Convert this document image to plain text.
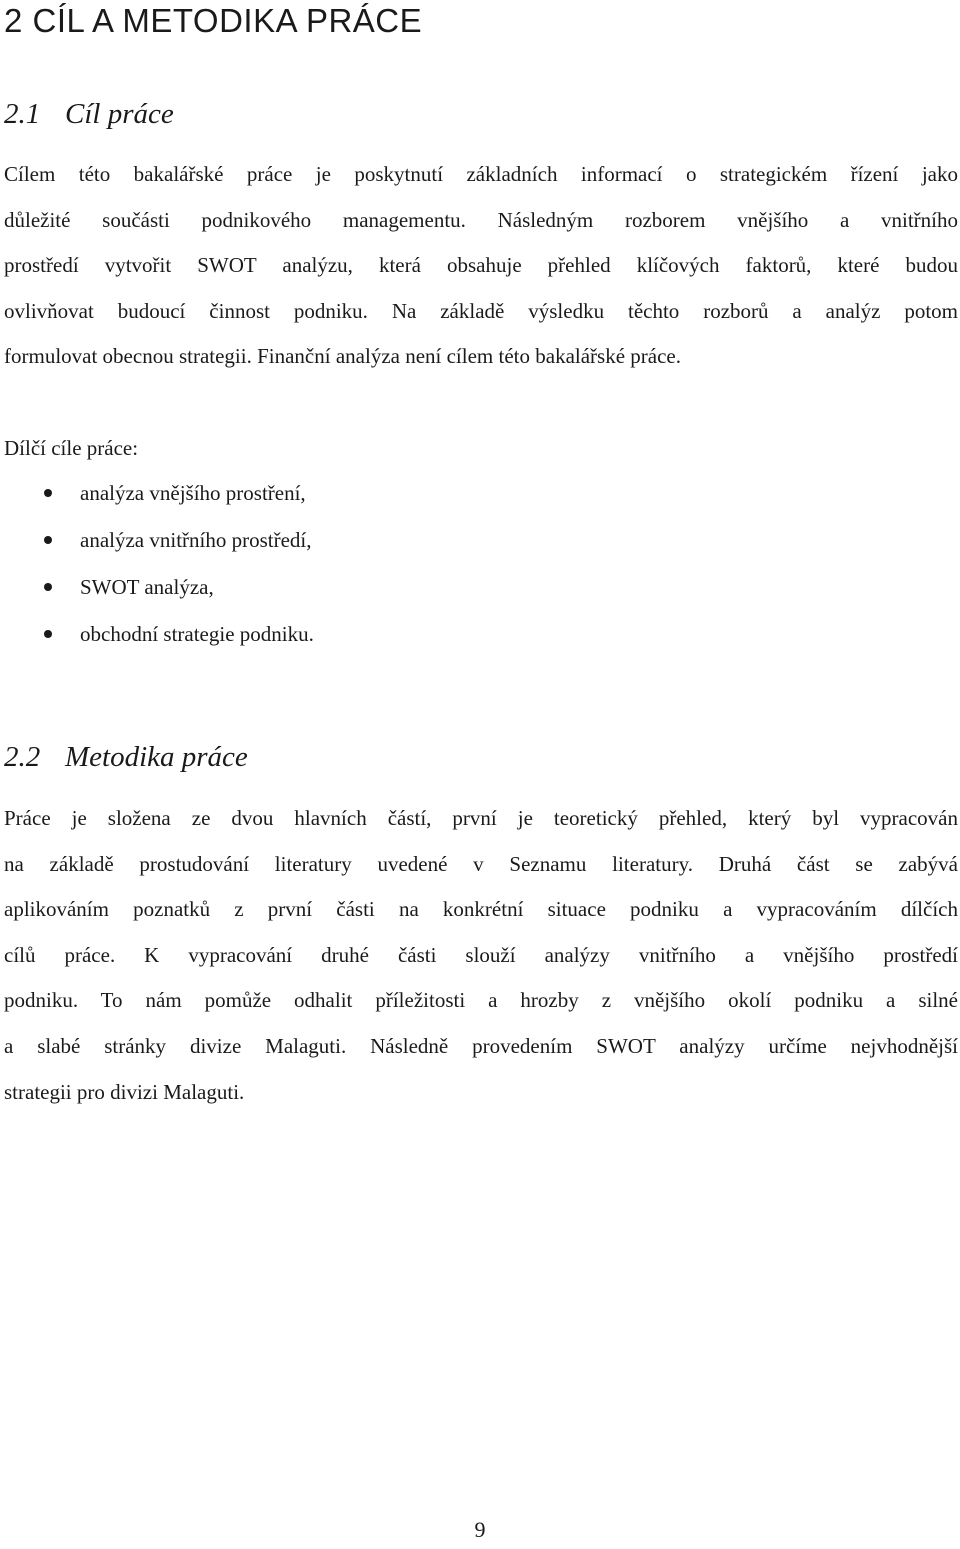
2 CÍL A METODIKA PRÁCE
2.1 Cíl práce
Cílem této bakalářské práce je poskytnutí základních informací o strategickém řízení jako
důležité součásti podnikového managementu. Následným rozborem vnějšího a vnitřního
prostředí vytvořit SWOT analýzu, která obsahuje přehled klíčových faktorů, které budou
ovlivňovat budoucí činnost podniku. Na základě výsledku těchto rozborů a analýz potom
formulovat obecnou strategii. Finanční analýza není cílem této bakalářské práce.

Dílčí cíle práce:

analýza vnějšího prostření,
analýza vnitřního prostředí,
SWOT analýza,
obchodní strategie podniku.
2.2 Metodika práce
Práce je složena ze dvou hlavních částí, první je teoretický přehled, který byl vypracován
na základě prostudování literatury uvedené v Seznamu literatury. Druhá část se zabývá
aplikováním poznatků z první části na konkrétní situace podniku a vypracováním dílčích
cílů práce. K vypracování druhé části slouží analýzy vnitřního a vnějšího prostředí
podniku. To nám pomůže odhalit příležitosti a hrozby z vnějšího okolí podniku a silné
a slabé stránky divize Malaguti. Následně provedením SWOT analýzy určíme nejvhodnější
strategii pro divizi Malaguti.
9
